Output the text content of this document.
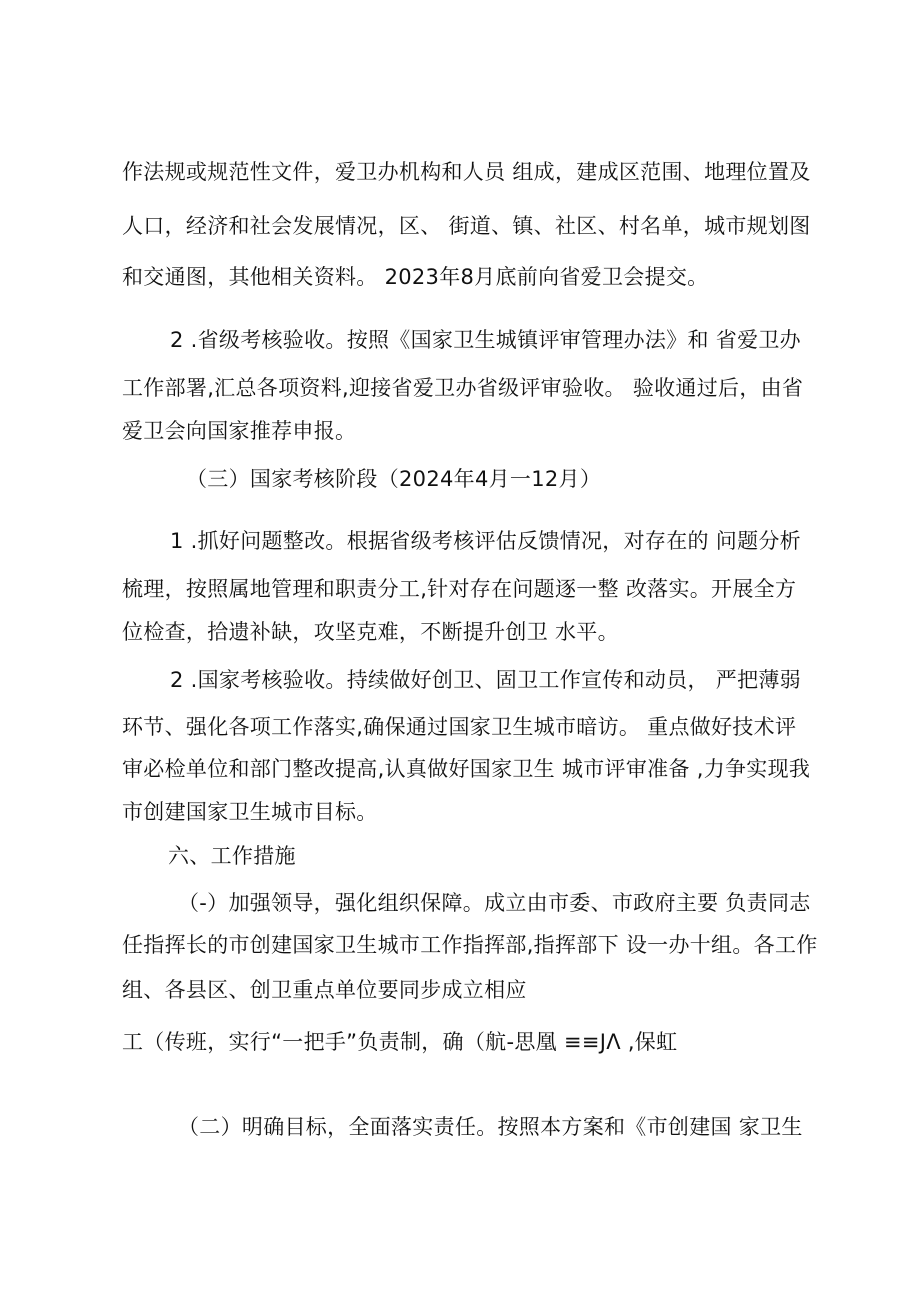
作法规或规范性文件，爱卫办机构和人员 组成，建成区范围、地理位置及
人口，经济和社会发展情况，区、 街道、镇、社区、村名单，城市规划图
和交通图，其他相关资料。 2023年8月底前向省爱卫会提交。
2 .省级考核验收。按照《国家卫生城镇评审管理办法》和 省爱卫办
工作部署,汇总各项资料,迎接省爱卫办省级评审验收。 验收通过后，由省
爱卫会向国家推荐申报。
（三）国家考核阶段（2024年4月一12月）
1 .抓好问题整改。根据省级考核评估反馈情况，对存在的 问题分析
梳理，按照属地管理和职责分工,针对存在问题逐一整 改落实。开展全方
位检查，拾遗补缺，攻坚克难，不断提升创卫 水平。
2 .国家考核验收。持续做好创卫、固卫工作宣传和动员， 严把薄弱
环节、强化各项工作落实,确保通过国家卫生城市暗访。 重点做好技术评
审必检单位和部门整改提高,认真做好国家卫生 城市评审准备 ,力争实现我
市创建国家卫生城市目标。
六、工作措施
（-）加强领导，强化组织保障。成立由市委、市政府主要 负责同志
任指挥长的市创建国家卫生城市工作指挥部,指挥部下 设一办十组。各工作
组、各县区、创卫重点单位要同步成立相应
工（传班，实行“一把手”负责制，确（航-思凰 ≡≡JΛ ,保虹
（二）明确目标，全面落实责任。按照本方案和《市创建国 家卫生
